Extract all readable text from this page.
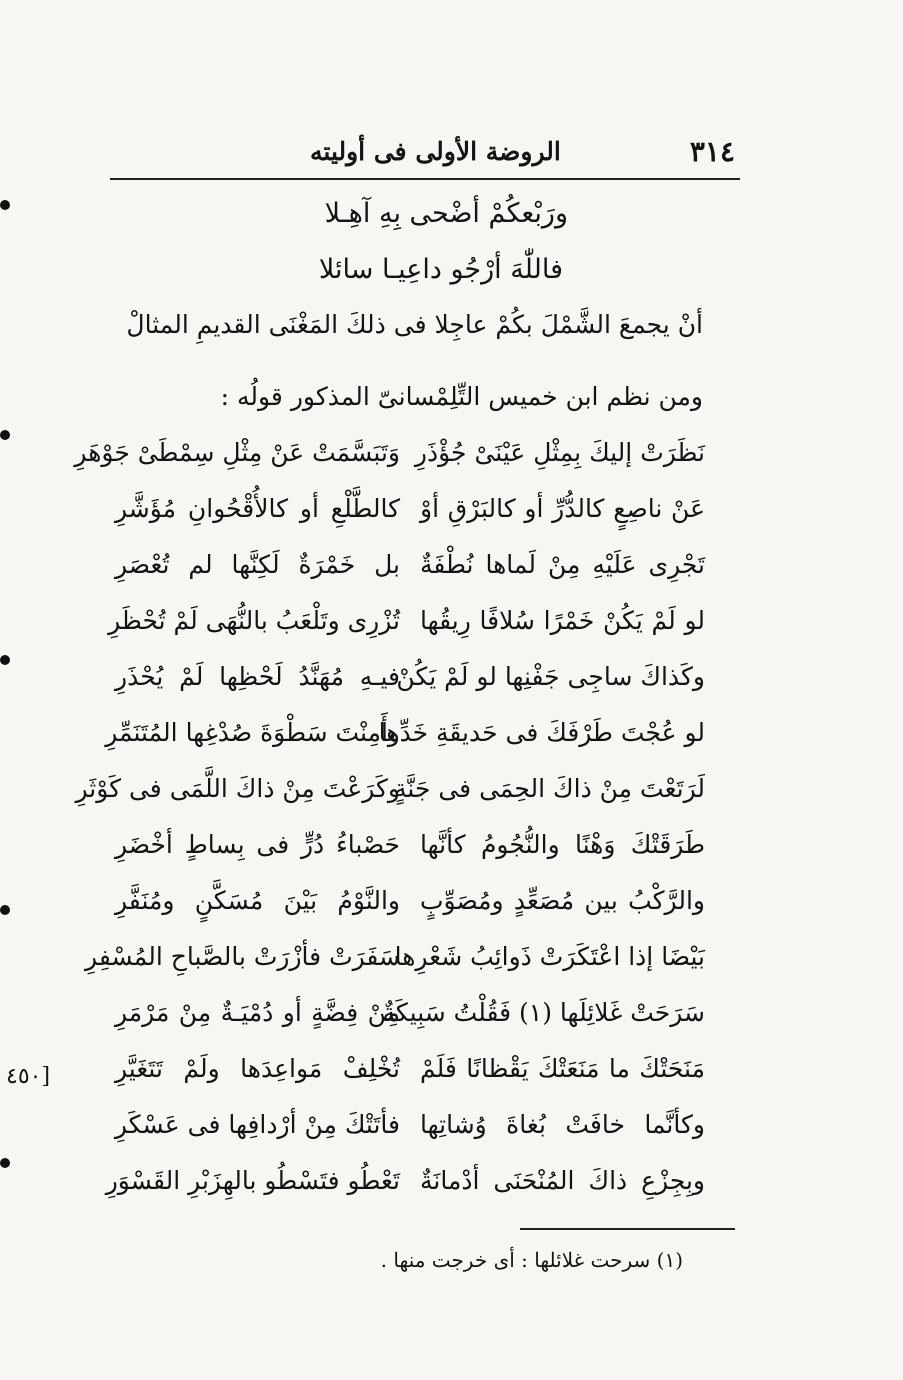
٣١٤
الروضة الأولى فى أوليته
ورَبْعكُمْ أضْحى بِهِ آهِـلا
فاللّٰهَ أرْجُو داعِيـا سائلا
أنْ يجمعَ الشَّمْلَ بكُمْ عاجِلا فى ذلكَ المَغْنَى القديمِ المثالْ
ومن نظم ابن خميس التِّلِمْسانىّ المذكور قولُه :
نَظَرَتْ إليكَ بِمِثْلِ عَيْنَىْ جُؤْذَرِ
وَتَبَسَّمَتْ عَنْ مِثْلِ سِمْطَىْ جَوْهَرِ
عَنْ ناصِعٍ كالدُّرِّ أو كالبَرْقِ أوْ
كالطَّلْعِ أو كالأُقْحُوانِ مُؤَشَّرِ
تَجْرِى عَلَيْهِ مِنْ لَماها نُطْفَةٌ
بل خَمْرَةٌ لَكِنَّها لم تُعْصَرِ
لو لَمْ يَكُنْ خَمْرًا سُلافًا رِيقُها
تُزْرِى وتَلْعَبُ بالنُّهَى لَمْ تُحْظَرِ
وكَذاكَ ساجِى جَفْنِها لو لَمْ يَكُنْ
فيـهِ مُهَنَّدُ لَحْظِها لَمْ يُحْذَرِ
لو عُجْتَ طَرْفَكَ فى حَديقَةِ خَدِّها
وأَمِنْتَ سَطْوَةَ صُدْغِها المُتَنَمِّرِ
لَرَتَعْتَ مِنْ ذاكَ الحِمَى فى جَنَّةٍ
وكَرَعْتَ مِنْ ذاكَ اللَّمَى فى كَوْثَرِ
طَرَقَتْكَ وَهْنًا والنُّجُومُ كأنَّها
حَصْباءُ دُرٍّ فى بِساطٍ أخْضَرِ
والرَّكْبُ بين مُصَعِّدٍ ومُصَوِّبٍ
والنَّوْمُ بَيْنَ مُسَكَّنٍ ومُنَفَّرِ
بَيْضَا إذا اعْتَكَرَتْ ذَوائِبُ شَعْرِها
سَفَرَتْ فأزْرَتْ بالصَّباحِ المُسْفِرِ
سَرَحَتْ غَلائِلَها (١) فَقُلْتُ سَبِيكَةٌ
مِنْ فِضَّةٍ أو دُمْيَـةٌ مِنْ مَرْمَرِ
مَنَحَتْكَ ما مَنَعَتْكَ يَقْظانًا فَلَمْ
تُخْلِفْ مَواعِدَها ولَمْ تَتَغَيَّرِ
وكأنَّما خافَتْ بُغاةَ وُشاتِها
فأتَتْكَ مِنْ أرْدافِها فى عَسْكَرِ
وبِجِزْعِ ذاكَ المُنْحَنَى أدْمانَةٌ
تَعْطُو فتَسْطُو بالهِزَبْرِ القَسْوَرِ
[٤٥٠
(١) سرحت غلائلها : أى خرجت منها .
